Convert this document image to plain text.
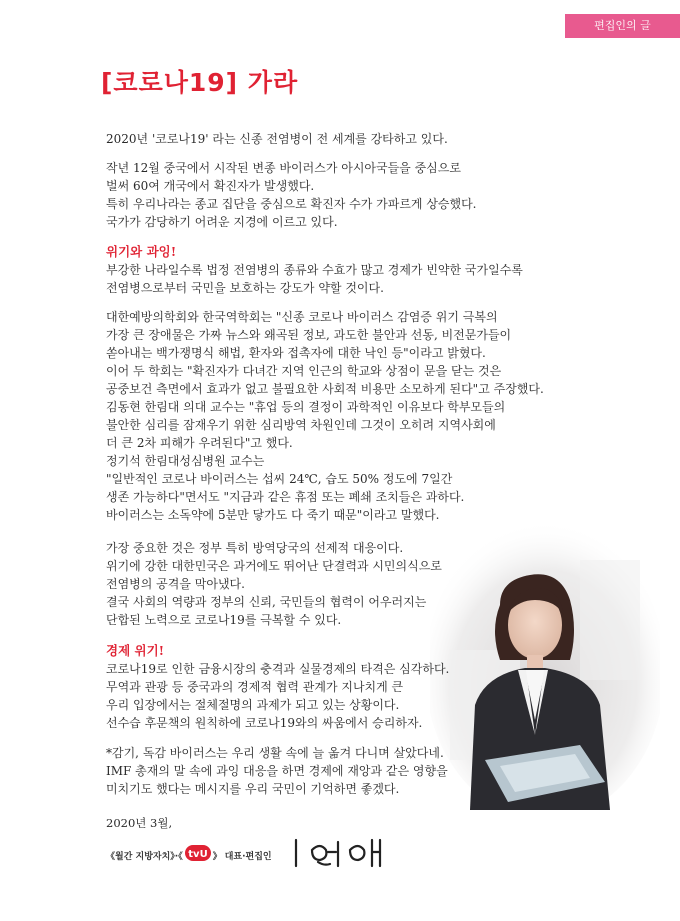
편집인의 글
[코로나19] 가라
2020년 '코로나19' 라는 신종 전염병이 전 세계를 강타하고 있다.
작년 12월 중국에서 시작된 변종 바이러스가 아시아국들을 중심으로
벌써 60여 개국에서 확진자가 발생했다.
특히 우리나라는 종교 집단을 중심으로 확진자 수가 가파르게 상승했다.
국가가 감당하기 어려운 지경에 이르고 있다.
위기와 과잉!
부강한 나라일수록 법정 전염병의 종류와 수효가 많고 경제가 빈약한 국가일수록
전염병으로부터 국민을 보호하는 강도가 약할 것이다.
대한예방의학회와 한국역학회는 "신종 코로나 바이러스 감염증 위기 극복의
가장 큰 장애물은 가짜 뉴스와 왜곡된 정보, 과도한 불안과 선동, 비전문가들이
쏟아내는 백가쟁명식 해법, 환자와 접촉자에 대한 낙인 등"이라고 밝혔다.
이어 두 학회는 "확진자가 다녀간 지역 인근의 학교와 상점이 문을 닫는 것은
공중보건 측면에서 효과가 없고 불필요한 사회적 비용만 소모하게 된다"고 주장했다.
김동현 한림대 의대 교수는 "휴업 등의 결정이 과학적인 이유보다 학부모들의
불안한 심리를 잠재우기 위한 심리방역 차원인데 그것이 오히려 지역사회에
더 큰 2차 피해가 우려된다"고 했다.
정기석 한림대성심병원 교수는
"일반적인 코로나 바이러스는 섭씨 24℃, 습도 50% 정도에 7일간
생존 가능하다"면서도 "지금과 같은 휴점 또는 폐쇄 조치들은 과하다.
바이러스는 소독약에 5분만 닿가도 다 죽기 때문"이라고 말했다.
가장 중요한 것은 정부 특히 방역당국의 선제적 대응이다.
위기에 강한 대한민국은 과거에도 뛰어난 단결력과 시민의식으로
전염병의 공격을 막아냈다.
결국 사회의 역량과 정부의 신뢰, 국민들의 협력이 어우러지는
단합된 노력으로 코로나19를 극복할 수 있다.
경제 위기!
코로나19로 인한 금융시장의 충격과 실물경제의 타격은 심각하다.
무역과 관광 등 중국과의 경제적 협력 관계가 지나치게 큰
우리 입장에서는 절체절명의 과제가 되고 있는 상황이다.
선수습 후문책의 원칙하에 코로나19와의 싸움에서 승리하자.
*감기, 독감 바이러스는 우리 생활 속에 늘 옮겨 다니며 살았다네.
IMF 총재의 말 속에 과잉 대응을 하면 경제에 재앙과 같은 영향을
미치기도 했다는 메시지를 우리 국민이 기억하면 좋겠다.

2020년 3월,

《월간 지방자치》·《 tvU 》 대표·편집인
